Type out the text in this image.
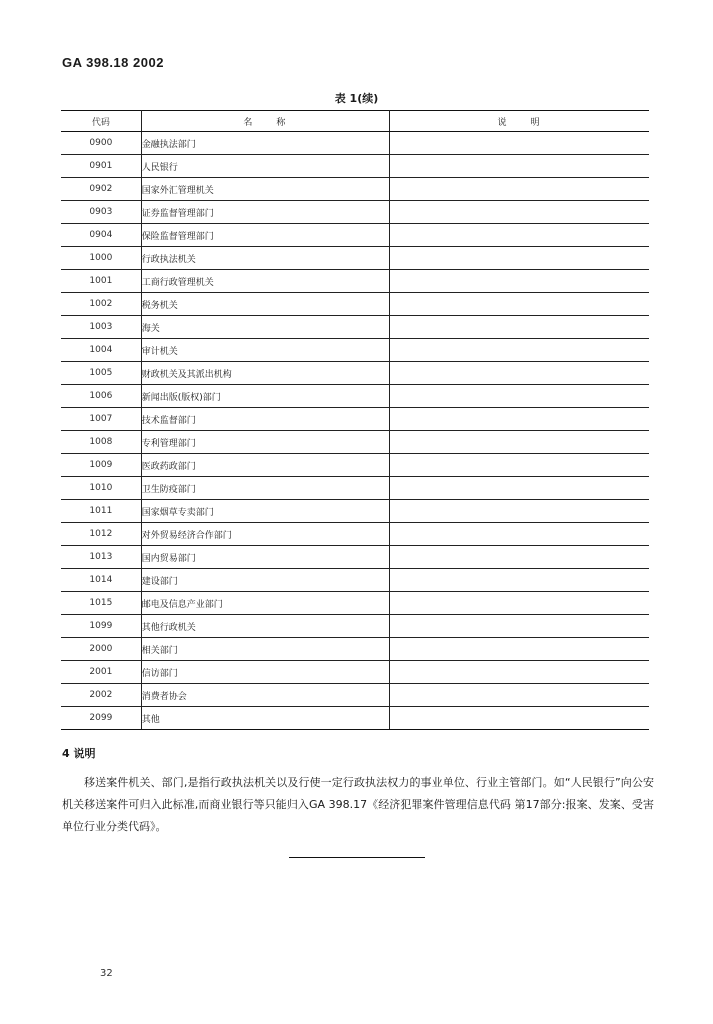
GA 398.18 2002
表 1(续)
代码	名　　称	说　　明
0900	金融执法部门	
0901	人民银行	
0902	国家外汇管理机关	
0903	证券监督管理部门	
0904	保险监督管理部门	
1000	行政执法机关	
1001	工商行政管理机关	
1002	税务机关	
1003	海关	
1004	审计机关	
1005	财政机关及其派出机构	
1006	新闻出版(版权)部门	
1007	技术监督部门	
1008	专利管理部门	
1009	医政药政部门	
1010	卫生防疫部门	
1011	国家烟草专卖部门	
1012	对外贸易经济合作部门	
1013	国内贸易部门	
1014	建设部门	
1015	邮电及信息产业部门	
1099	其他行政机关	
2000	相关部门	
2001	信访部门	
2002	消费者协会	
2099	其他	
4 说明
移送案件机关、部门,是指行政执法机关以及行使一定行政执法权力的事业单位、行业主管部门。如“人民银行”向公安机关移送案件可归入此标准,而商业银行等只能归入GA 398.17《经济犯罪案件管理信息代码 第17部分:报案、发案、受害单位行业分类代码》。
32
